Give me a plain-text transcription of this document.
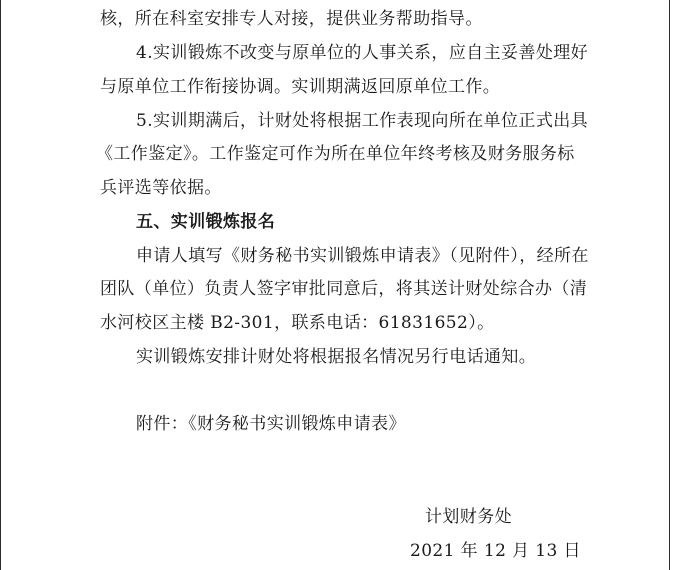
核，所在科室安排专人对接，提供业务帮助指导。
4.实训锻炼不改变与原单位的人事关系，应自主妥善处理好
与原单位工作衔接协调。实训期满返回原单位工作。
5.实训期满后，计财处将根据工作表现向所在单位正式出具
《工作鉴定》。工作鉴定可作为所在单位年终考核及财务服务标
兵评选等依据。
五、实训锻炼报名
申请人填写《财务秘书实训锻炼申请表》（见附件），经所在
团队（单位）负责人签字审批同意后，将其送计财处综合办（清
水河校区主楼 B2-301，联系电话：61831652）。
实训锻炼安排计财处将根据报名情况另行电话通知。
附件：《财务秘书实训锻炼申请表》
计划财务处
2021 年 12 月 13 日
